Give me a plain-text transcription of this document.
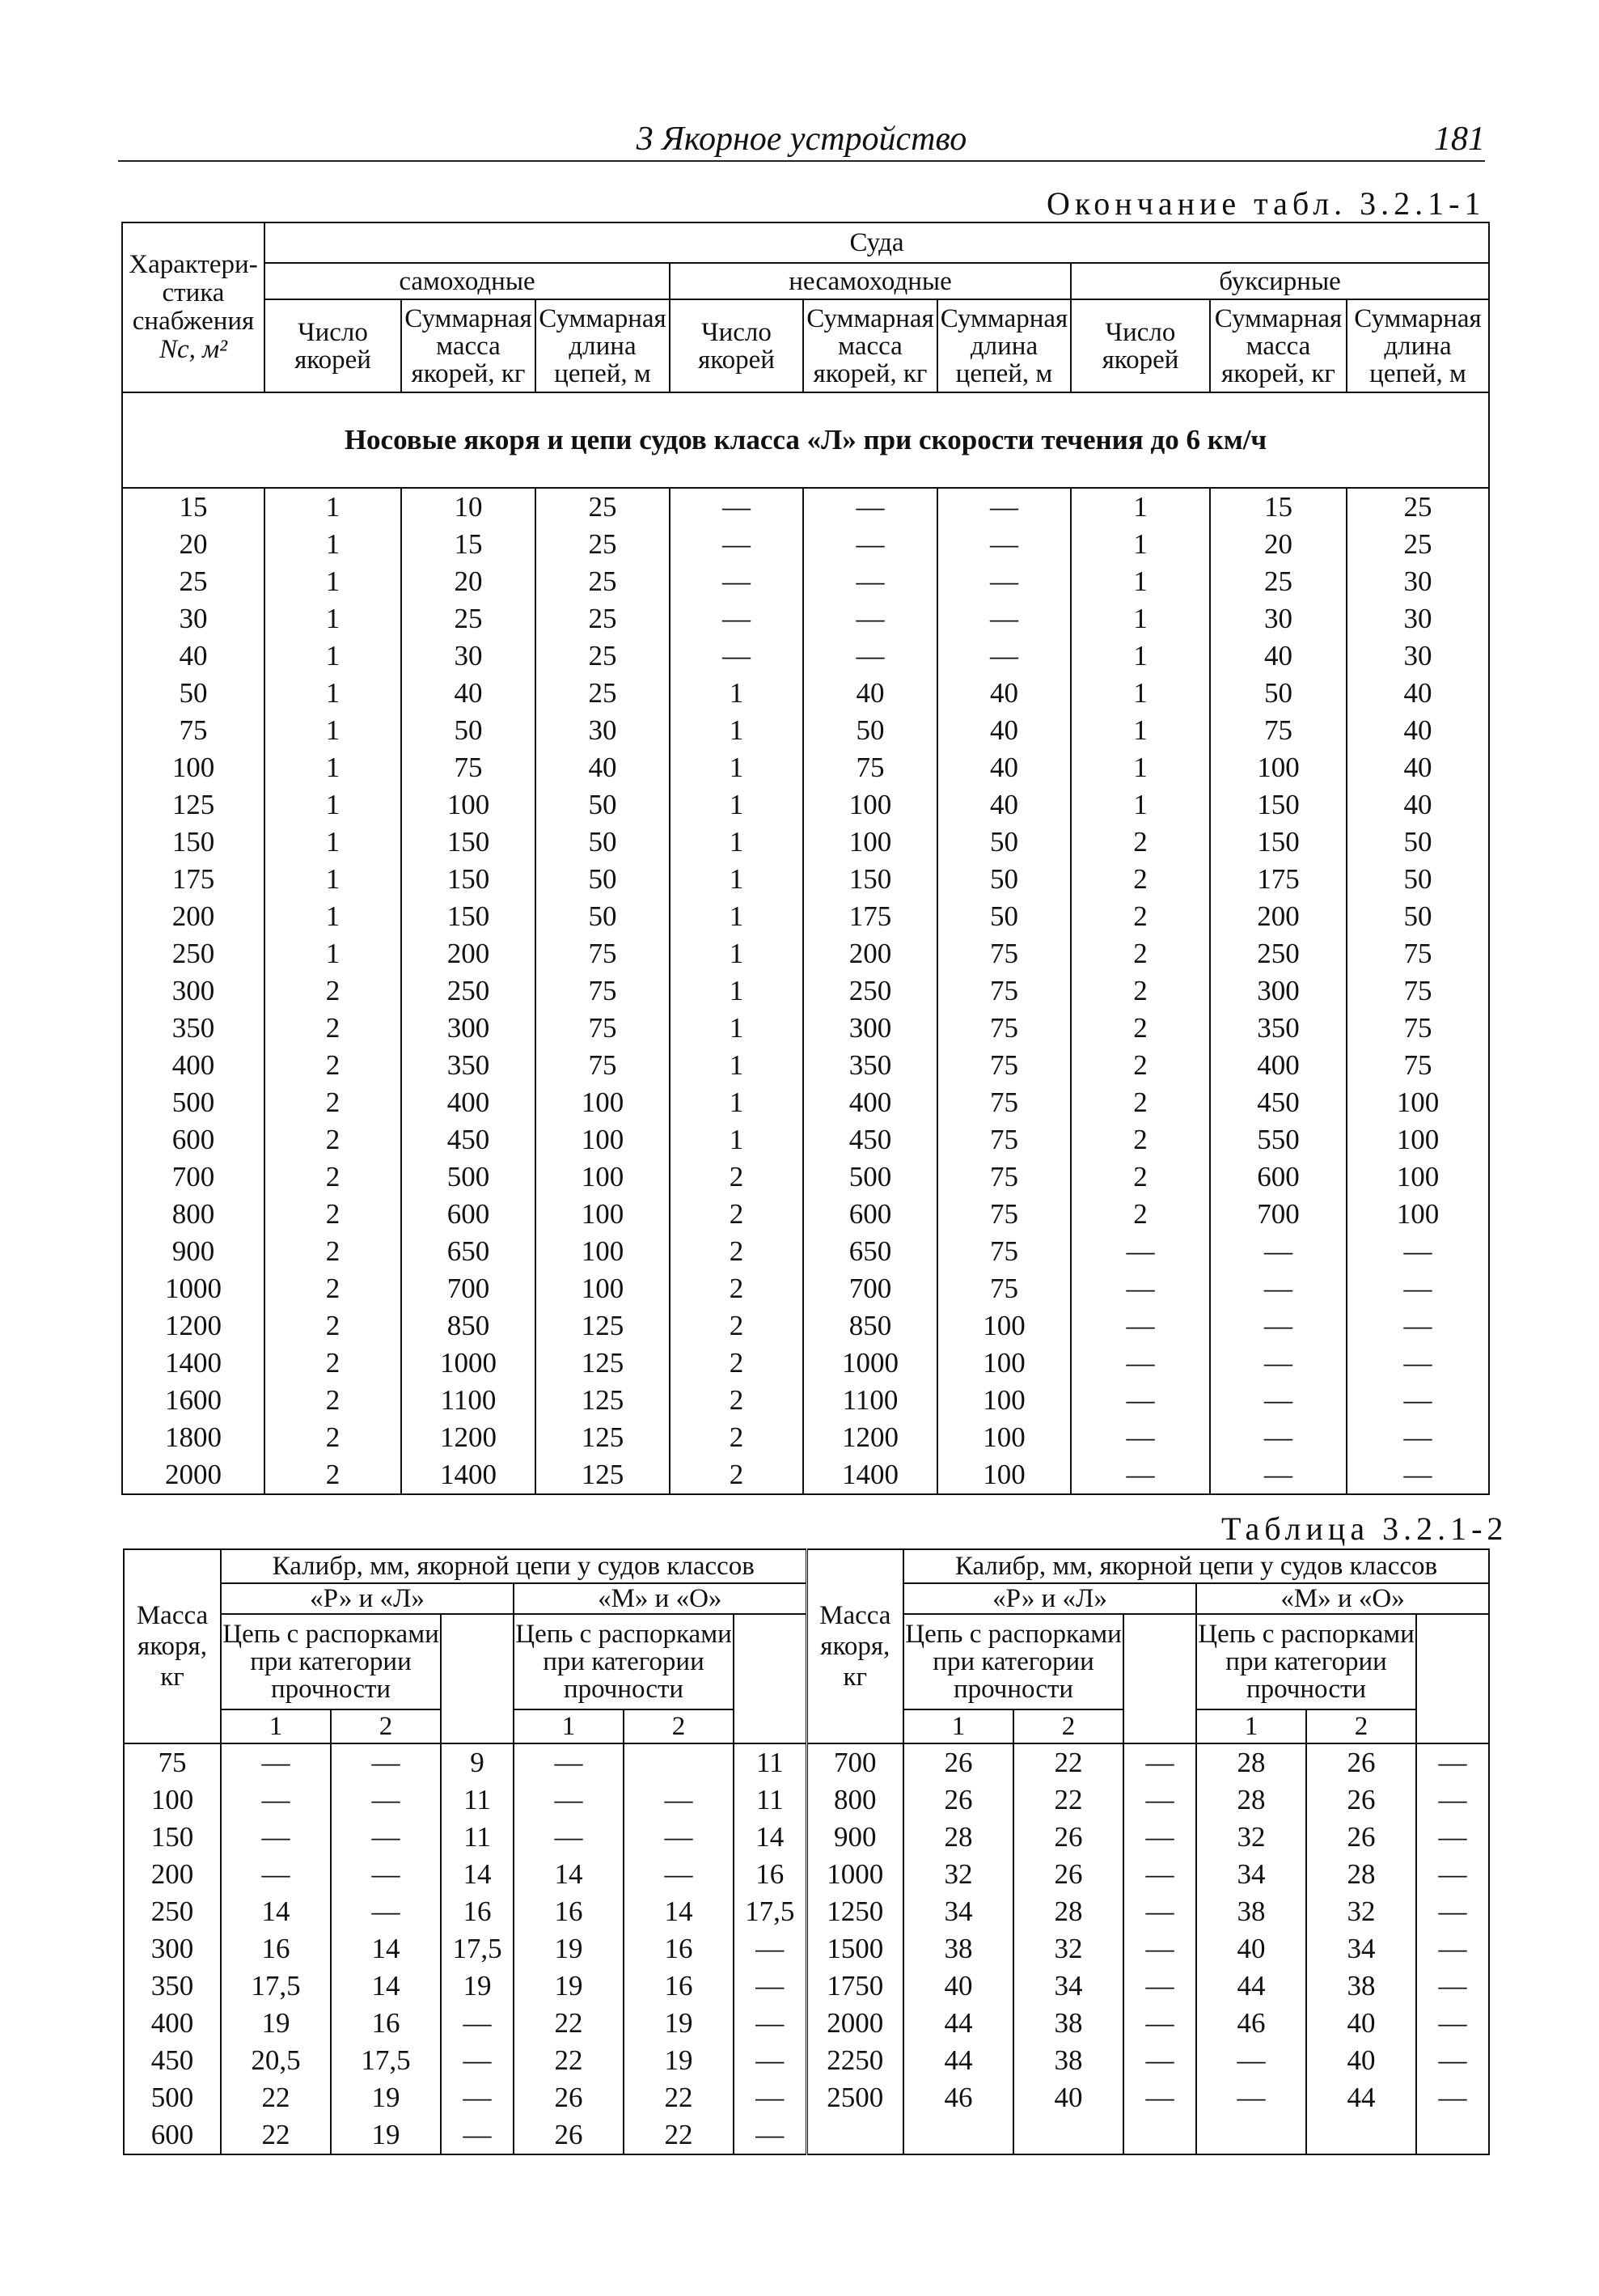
3 Якорное устройство	181
Окончание табл. 3.2.1-1
Характери-
стика
снабжения
Nc, м²	Суда								
	самоходные			несамоходные			буксирные		
	Число якорей	Суммарная масса якорей, кг	Суммарная длина цепей, м	Число якорей	Суммарная масса якорей, кг	Суммарная длина цепей, м	Число якорей	Суммарная масса якорей, кг	Суммарная длина цепей, м
Носовые якоря и цепи судов класса «Л» при скорости течения до 6 км/ч									
15	1	10	25	—	—	—	1	15	25
20	1	15	25	—	—	—	1	20	25
25	1	20	25	—	—	—	1	25	30
30	1	25	25	—	—	—	1	30	30
40	1	30	25	—	—	—	1	40	30
50	1	40	25	1	40	40	1	50	40
75	1	50	30	1	50	40	1	75	40
100	1	75	40	1	75	40	1	100	40
125	1	100	50	1	100	40	1	150	40
150	1	150	50	1	100	50	2	150	50
175	1	150	50	1	150	50	2	175	50
200	1	150	50	1	175	50	2	200	50
250	1	200	75	1	200	75	2	250	75
300	2	250	75	1	250	75	2	300	75
350	2	300	75	1	300	75	2	350	75
400	2	350	75	1	350	75	2	400	75
500	2	400	100	1	400	75	2	450	100
600	2	450	100	1	450	75	2	550	100
700	2	500	100	2	500	75	2	600	100
800	2	600	100	2	600	75	2	700	100
900	2	650	100	2	650	75	—	—	—
1000	2	700	100	2	700	75	—	—	—
1200	2	850	125	2	850	100	—	—	—
1400	2	1000	125	2	1000	100	—	—	—
1600	2	1100	125	2	1100	100	—	—	—
1800	2	1200	125	2	1200	100	—	—	—
2000	2	1400	125	2	1400	100	—	—	—
Таблица 3.2.1-2
Масса якоря, кг	Калибр, мм, якорной цепи у судов классов						Масса якоря, кг	Калибр, мм, якорной цепи у судов классов					
	«Р» и «Л»			«М» и «О»				«Р» и «Л»			«М» и «О»		
	Цепь с распорками при категории прочности			Цепь с распорками при категории прочности				Цепь с распорками при категории прочности			Цепь с распорками при категории прочности	
	1	2		1	2			1	2		1	2	
75	—	—	9	—		11	700	26	22	—	28	26	—
100	—	—	11	—	—	11	800	26	22	—	28	26	—
150	—	—	11	—	—	14	900	28	26	—	32	26	—
200	—	—	14	14	—	16	1000	32	26	—	34	28	—
250	14	—	16	16	14	17,5	1250	34	28	—	38	32	—
300	16	14	17,5	19	16	—	1500	38	32	—	40	34	—
350	17,5	14	19	19	16	—	1750	40	34	—	44	38	—
400	19	16	—	22	19	—	2000	44	38	—	46	40	—
450	20,5	17,5	—	22	19	—	2250	44	38	—	—	40	—
500	22	19	—	26	22	—	2500	46	40	—	—	44	—
600	22	19	—	26	22	—							
